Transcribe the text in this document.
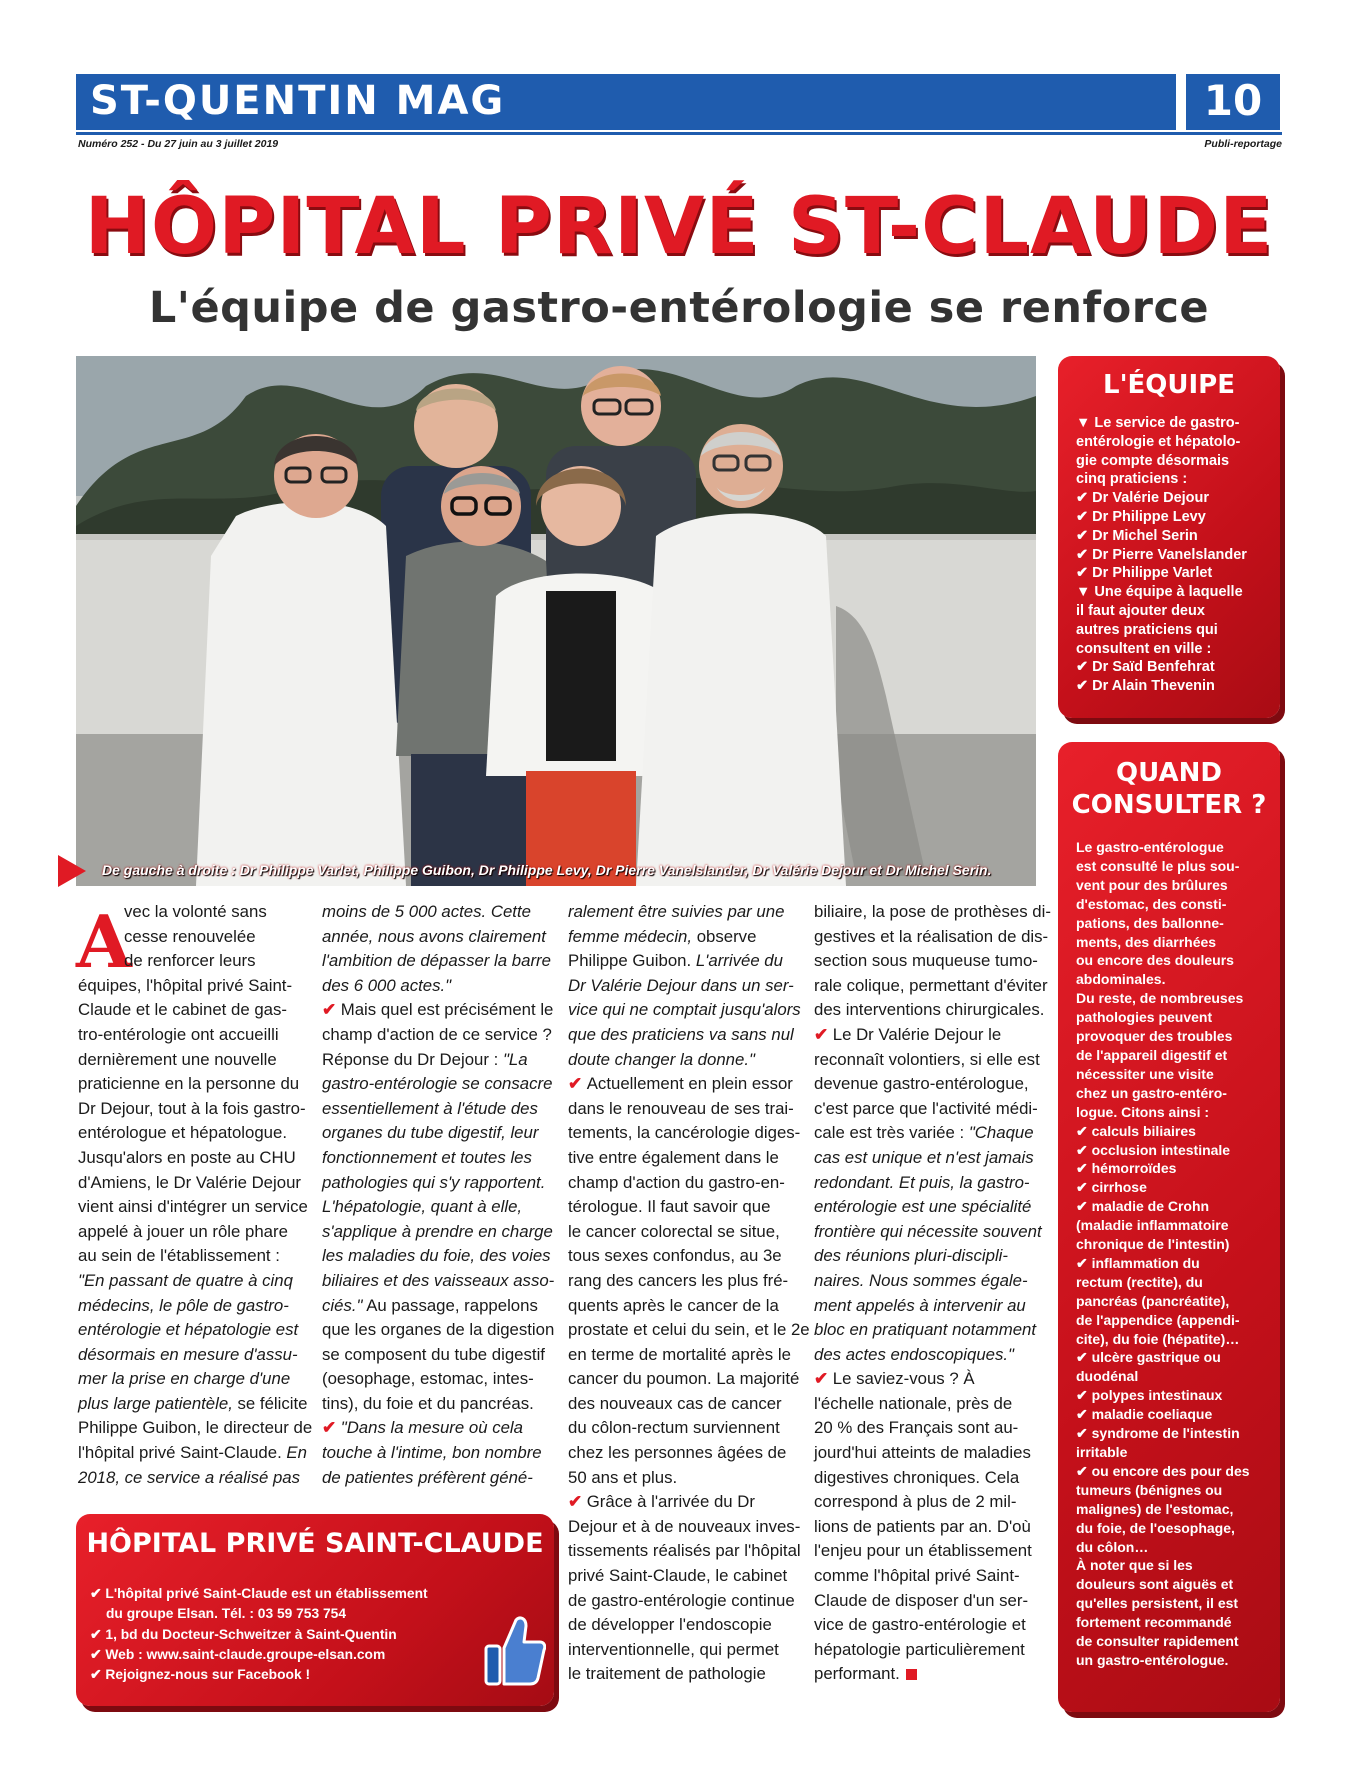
ST-QUENTIN MAG	10
Numéro 252 - Du 27 juin au 3 juillet 2019	Publi-reportage
HÔPITAL PRIVÉ ST-CLAUDE
L'équipe de gastro-entérologie se renforce
De gauche à droite : Dr Philippe Varlet, Philippe Guibon, Dr Philippe Levy, Dr Pierre Vanelslander, Dr Valérie Dejour et Dr Michel Serin.
L'ÉQUIPE
▼ Le service de gastro-
entérologie et hépatolo-
gie compte désormais
cinq praticiens :
✔ Dr Valérie Dejour
✔ Dr Philippe Levy
✔ Dr Michel Serin
✔ Dr Pierre Vanelslander
✔ Dr Philippe Varlet
▼ Une équipe à laquelle
il faut ajouter deux
autres praticiens qui
consultent en ville :
✔ Dr Saïd Benfehrat
✔ Dr Alain Thevenin
QUAND
CONSULTER ?
Le gastro-entérologue
est consulté le plus sou-
vent pour des brûlures
d'estomac, des consti-
pations, des ballonne-
ments, des diarrhées
ou encore des douleurs
abdominales.
Du reste, de nombreuses
pathologies peuvent
provoquer des troubles
de l'appareil digestif et
nécessiter une visite
chez un gastro-entéro-
logue. Citons ainsi :
✔ calculs biliaires
✔ occlusion intestinale
✔ hémorroïdes
✔ cirrhose
✔ maladie de Crohn
(maladie inflammatoire
chronique de l'intestin)
✔ inflammation du
rectum (rectite), du
pancréas (pancréatite),
de l'appendice (appendi-
cite), du foie (hépatite)…
✔ ulcère gastrique ou
duodénal
✔ polypes intestinaux
✔ maladie coeliaque
✔ syndrome de l'intestin
irritable
✔ ou encore des pour des
tumeurs (bénignes ou
malignes) de l'estomac,
du foie, de l'oesophage,
du côlon…
À noter que si les
douleurs sont aiguës et
qu'elles persistent, il est
fortement recommandé
de consulter rapidement
un gastro-entérologue.
A
vec la volonté sans
cesse renouvelée
de renforcer leurs
équipes, l'hôpital privé Saint-
Claude et le cabinet de gas-
tro-entérologie ont accueilli
dernièrement une nouvelle
praticienne en la personne du
Dr Dejour, tout à la fois gastro-
entérologue et hépatologue.
Jusqu'alors en poste au CHU
d'Amiens, le Dr Valérie Dejour
vient ainsi d'intégrer un service
appelé à jouer un rôle phare
au sein de l'établissement :
"En passant de quatre à cinq
médecins, le pôle de gastro-
entérologie et hépatologie est
désormais en mesure d'assu-
mer la prise en charge d'une
plus large patientèle, se félicite
Philippe Guibon, le directeur de
l'hôpital privé Saint-Claude. En
2018, ce service a réalisé pas
moins de 5 000 actes. Cette
année, nous avons clairement
l'ambition de dépasser la barre
des 6 000 actes."
✔ Mais quel est précisément le
champ d'action de ce service ?
Réponse du Dr Dejour : "La
gastro-entérologie se consacre
essentiellement à l'étude des
organes du tube digestif, leur
fonctionnement et toutes les
pathologies qui s'y rapportent.
L'hépatologie, quant à elle,
s'applique à prendre en charge
les maladies du foie, des voies
biliaires et des vaisseaux asso-
ciés." Au passage, rappelons
que les organes de la digestion
se composent du tube digestif
(oesophage, estomac, intes-
tins), du foie et du pancréas.
✔ "Dans la mesure où cela
touche à l'intime, bon nombre
de patientes préfèrent géné-
ralement être suivies par une
femme médecin, observe
Philippe Guibon. L'arrivée du
Dr Valérie Dejour dans un ser-
vice qui ne comptait jusqu'alors
que des praticiens va sans nul
doute changer la donne."
✔ Actuellement en plein essor
dans le renouveau de ses trai-
tements, la cancérologie diges-
tive entre également dans le
champ d'action du gastro-en-
térologue. Il faut savoir que
le cancer colorectal se situe,
tous sexes confondus, au 3e
rang des cancers les plus fré-
quents après le cancer de la
prostate et celui du sein, et le 2e
en terme de mortalité après le
cancer du poumon. La majorité
des nouveaux cas de cancer
du côlon-rectum surviennent
chez les personnes âgées de
50 ans et plus.
✔ Grâce à l'arrivée du Dr
Dejour et à de nouveaux inves-
tissements réalisés par l'hôpital
privé Saint-Claude, le cabinet
de gastro-entérologie continue
de développer l'endoscopie
interventionnelle, qui permet
le traitement de pathologie
biliaire, la pose de prothèses di-
gestives et la réalisation de dis-
section sous muqueuse tumo-
rale colique, permettant d'éviter
des interventions chirurgicales.
✔ Le Dr Valérie Dejour le
reconnaît volontiers, si elle est
devenue gastro-entérologue,
c'est parce que l'activité médi-
cale est très variée : "Chaque
cas est unique et n'est jamais
redondant. Et puis, la gastro-
entérologie est une spécialité
frontière qui nécessite souvent
des réunions pluri-discipli-
naires. Nous sommes égale-
ment appelés à intervenir au
bloc en pratiquant notamment
des actes endoscopiques."
✔ Le saviez-vous ? À
l'échelle nationale, près de
20 % des Français sont au-
jourd'hui atteints de maladies
digestives chroniques. Cela
correspond à plus de 2 mil-
lions de patients par an. D'où
l'enjeu pour un établissement
comme l'hôpital privé Saint-
Claude de disposer d'un ser-
vice de gastro-entérologie et
hépatologie particulièrement
performant.
HÔPITAL PRIVÉ SAINT-CLAUDE
✔ L'hôpital privé Saint-Claude est un établissement
du groupe Elsan. Tél. : 03 59 753 754
✔ 1, bd du Docteur-Schweitzer à Saint-Quentin
✔ Web : www.saint-claude.groupe-elsan.com
✔ Rejoignez-nous sur Facebook !
